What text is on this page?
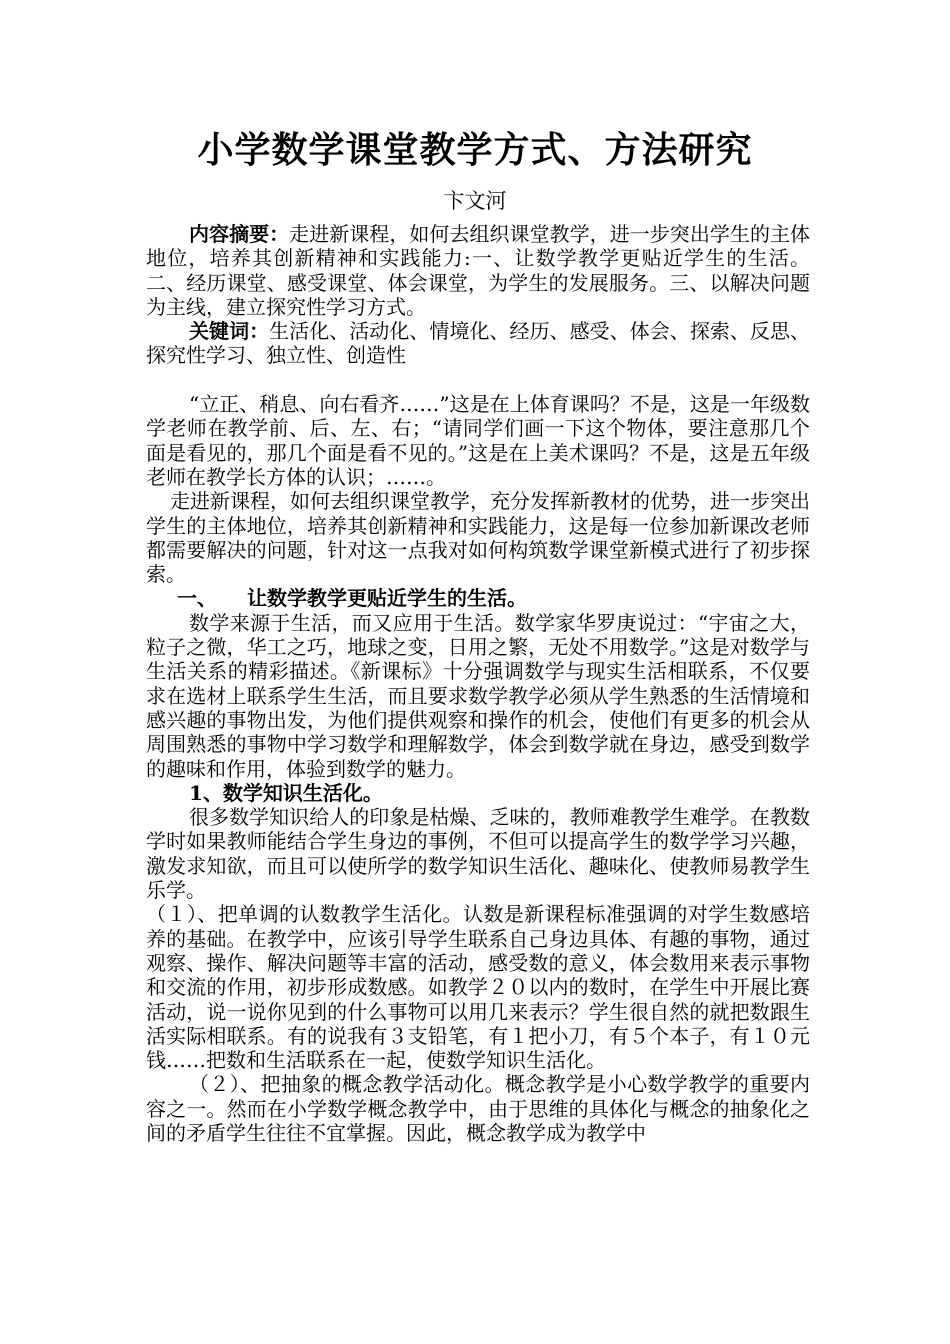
小学数学课堂教学方式、方法研究
卞文河

内容摘要：走进新课程，如何去组织课堂教学，进一步突出学生的主体地位，培养其创新精神和实践能力:一、让数学教学更贴近学生的生活。二、经历课堂、感受课堂、体会课堂，为学生的发展服务。三、以解决问题为主线，建立探究性学习方式。

关键词：生活化、活动化、情境化、经历、感受、体会、探索、反思、探究性学习、独立性、创造性

“立正、稍息、向右看齐……”这是在上体育课吗？不是，这是一年级数学老师在教学前、后、左、右；“请同学们画一下这个物体，要注意那几个面是看见的，那几个面是看不见的。”这是在上美术课吗？不是，这是五年级老师在教学长方体的认识；……。

走进新课程，如何去组织课堂教学，充分发挥新教材的优势，进一步突出学生的主体地位，培养其创新精神和实践能力，这是每一位参加新课改老师都需要解决的问题，针对这一点我对如何构筑数学课堂新模式进行了初步探索。

一、 让数学教学更贴近学生的生活。

数学来源于生活，而又应用于生活。数学家华罗庚说过：“宇宙之大，粒子之微，华工之巧，地球之变，日用之繁，无处不用数学。”这是对数学与生活关系的精彩描述。《新课标》十分强调数学与现实生活相联系，不仅要求在选材上联系学生生活，而且要求数学教学必须从学生熟悉的生活情境和感兴趣的事物出发，为他们提供观察和操作的机会，使他们有更多的机会从周围熟悉的事物中学习数学和理解数学，体会到数学就在身边，感受到数学的趣味和作用，体验到数学的魅力。

1、数学知识生活化。

很多数学知识给人的印象是枯燥、乏味的，教师难教学生难学。在教数学时如果教师能结合学生身边的事例，不但可以提高学生的数学学习兴趣，激发求知欲，而且可以使所学的数学知识生活化、趣味化、使教师易教学生乐学。

（１）、把单调的认数教学生活化。认数是新课程标准强调的对学生数感培养的基础。在教学中，应该引导学生联系自己身边具体、有趣的事物，通过观察、操作、解决问题等丰富的活动，感受数的意义，体会数用来表示事物和交流的作用，初步形成数感。如教学２０以内的数时，在学生中开展比赛活动，说一说你见到的什么事物可以用几来表示？学生很自然的就把数跟生活实际相联系。有的说我有３支铅笔，有１把小刀，有５个本子，有１０元钱……把数和生活联系在一起，使数学知识生活化。

（２）、把抽象的概念教学活动化。概念教学是小心数学教学的重要内容之一。然而在小学数学概念教学中，由于思维的具体化与概念的抽象化之间的矛盾学生往往不宜掌握。因此，概念教学成为教学中
